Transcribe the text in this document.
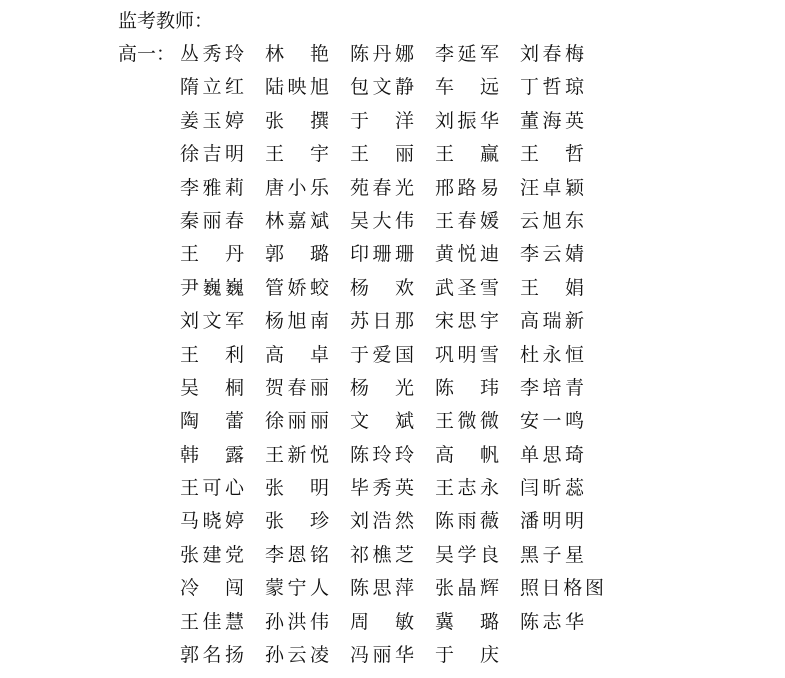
监考教师：
高一： 丛秀玲 林　艳 陈丹娜 李延军 刘春梅
隋立红 陆映旭 包文静 车　远 丁哲琼
姜玉婷 张　撰 于　洋 刘振华 董海英
徐吉明 王　宇 王　丽 王　赢 王　哲
李雅莉 唐小乐 苑春光 邢路易 汪卓颖
秦丽春 林嘉斌 吴大伟 王春媛 云旭东
王　丹 郭　璐 印珊珊 黄悦迪 李云婧
尹巍巍 管娇蛟 杨　欢 武圣雪 王　娟
刘文军 杨旭南 苏日那 宋思宇 高瑞新
王　利 高　卓 于爱国 巩明雪 杜永恒
吴　桐 贺春丽 杨　光 陈　玮 李培青
陶　蕾 徐丽丽 文　斌 王微微 安一鸣
韩　露 王新悦 陈玲玲 高　帆 单思琦
王可心 张　明 毕秀英 王志永 闫昕蕊
马晓婷 张　珍 刘浩然 陈雨薇 潘明明
张建党 李恩铭 祁樵芝 吴学良 黑子星
冷　闯 蒙宁人 陈思萍 张晶辉 照日格图
王佳慧 孙洪伟 周　敏 冀　璐 陈志华
郭名扬 孙云凌 冯丽华 于　庆
